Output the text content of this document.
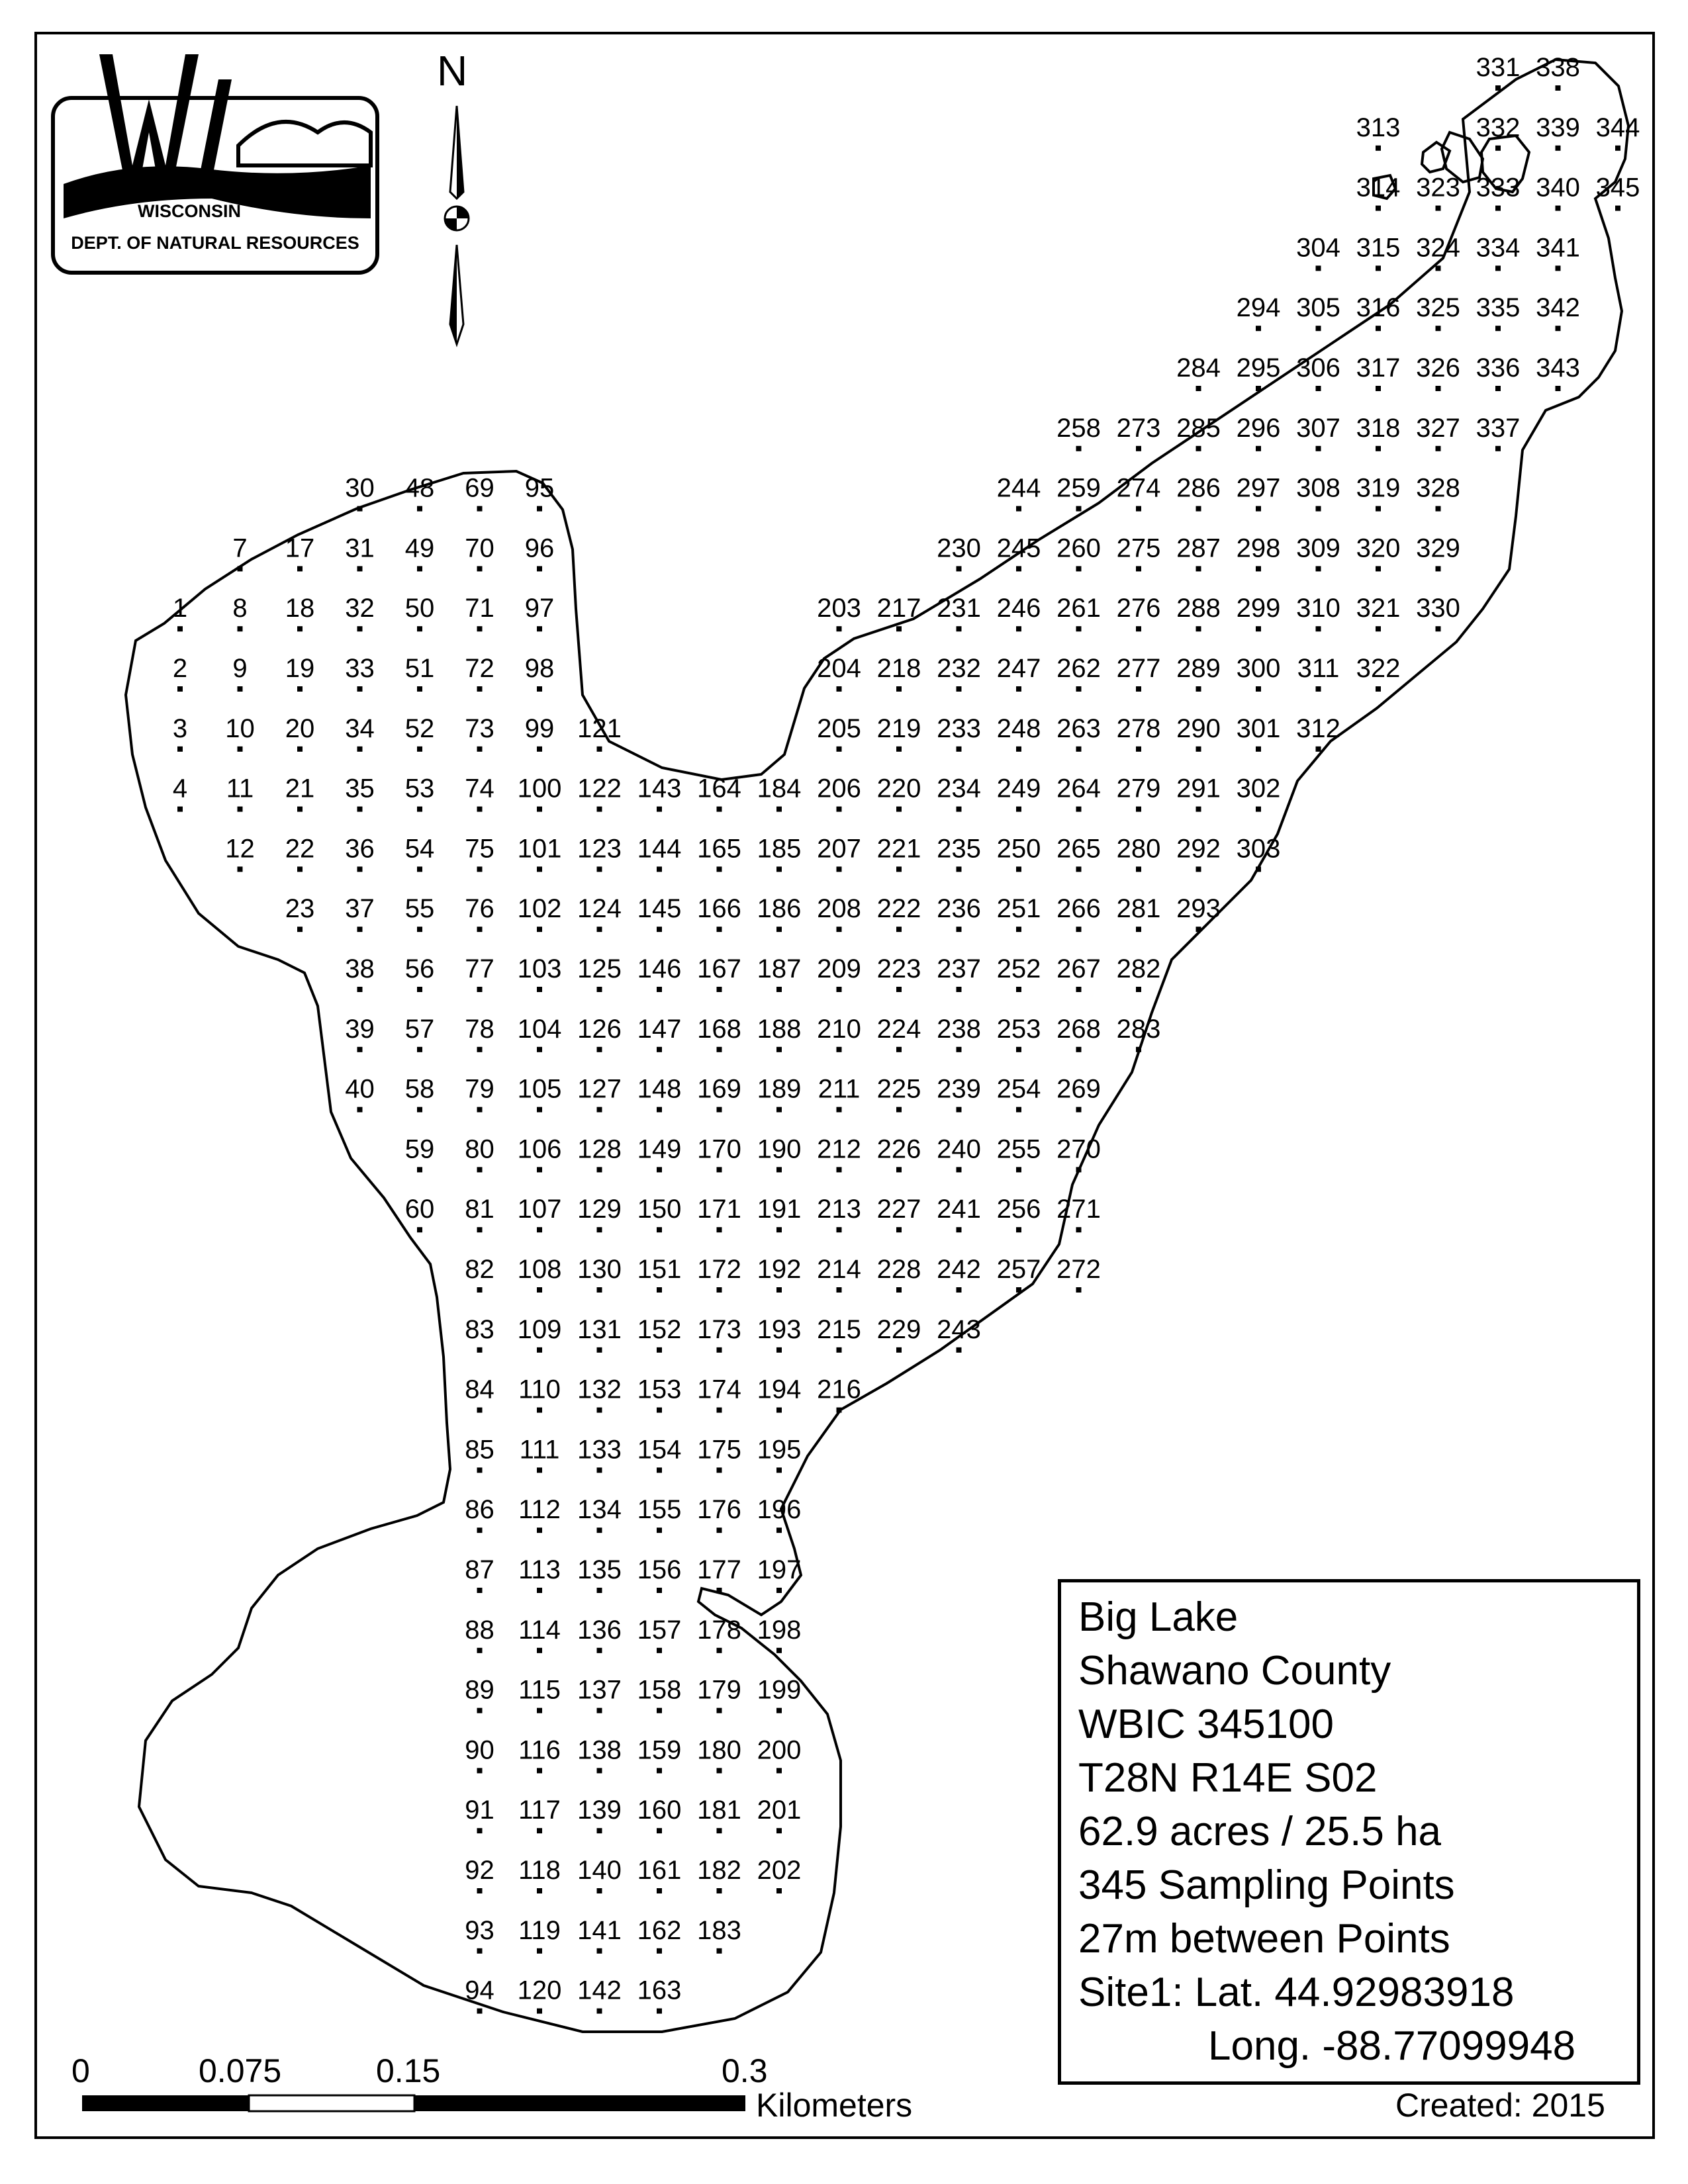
1
2
3
4
7
8
9
10
11
12
17
18
19
20
21
22
23
30
31
32
33
34
35
36
37
38
39
40
48
49
50
51
52
53
54
55
56
57
58
59
60
69
70
71
72
73
74
75
76
77
78
79
80
81
82
83
84
85
86
87
88
89
90
91
92
93
94
95
96
97
98
99
100
101
102
103
104
105
106
107
108
109
110
111
112
113
114
115
116
117
118
119
120
121
122
123
124
125
126
127
128
129
130
131
132
133
134
135
136
137
138
139
140
141
142
143
144
145
146
147
148
149
150
151
152
153
154
155
156
157
158
159
160
161
162
163
164
165
166
167
168
169
170
171
172
173
174
175
176
177
178
179
180
181
182
183
184
185
186
187
188
189
190
191
192
193
194
195
196
197
198
199
200
201
202
203
204
205
206
207
208
209
210
211
212
213
214
215
216
217
218
219
220
221
222
223
224
225
226
227
228
229
230
231
232
233
234
235
236
237
238
239
240
241
242
243
244
245
246
247
248
249
250
251
252
253
254
255
256
257
258
259
260
261
262
263
264
265
266
267
268
269
270
271
272
273
274
275
276
277
278
279
280
281
282
283
284
285
286
287
288
289
290
291
292
293
294
295
296
297
298
299
300
301
302
303
304
305
306
307
308
309
310
311
312
313
314
315
316
317
318
319
320
321
322
323
324
325
326
327
328
329
330
331
332
333
334
335
336
337
338
339
340
341
342
343
344
345
WISCONSIN
DEPT. OF NATURAL RESOURCES
N
0	0.075	0.15	0.3
Kilometers
Big Lake
Shawano County
WBIC 345100
T28N R14E S02
62.9 acres / 25.5 ha
345 Sampling Points
27m between Points
Site1: Lat. 44.92983918
Long. -88.77099948
Created: 2015
